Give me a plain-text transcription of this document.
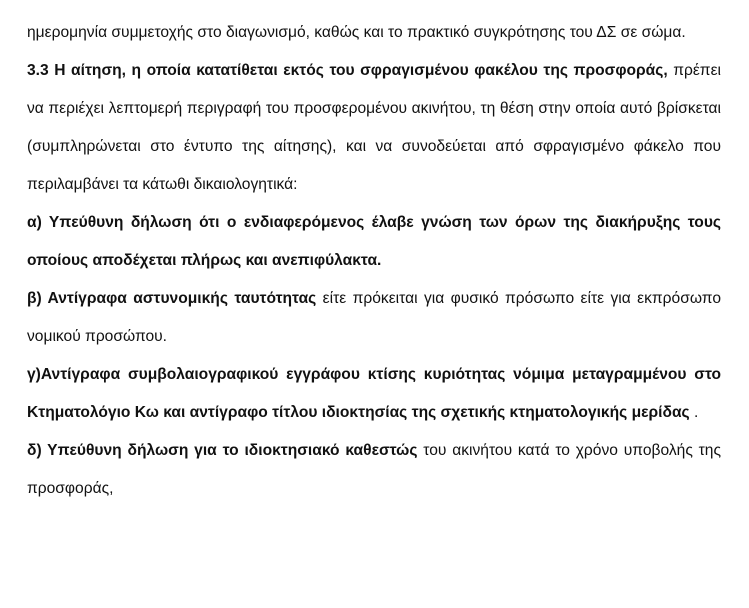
ημερομηνία συμμετοχής στο διαγωνισμό, καθώς και το πρακτικό συγκρότησης του ΔΣ σε σώμα.

3.3 Η αίτηση, η οποία κατατίθεται εκτός του σφραγισμένου φακέλου της προσφοράς, πρέπει να περιέχει λεπτομερή περιγραφή του προσφερομένου ακινήτου, τη θέση στην οποία αυτό βρίσκεται (συμπληρώνεται στο έντυπο της αίτησης), και να συνοδεύεται από σφραγισμένο φάκελο που περιλαμβάνει τα κάτωθι δικαιολογητικά:

α) Υπεύθυνη δήλωση ότι ο ενδιαφερόμενος έλαβε γνώση των όρων της διακήρυξης τους οποίους αποδέχεται πλήρως και ανεπιφύλακτα.

β) Αντίγραφα αστυνομικής ταυτότητας είτε πρόκειται για φυσικό πρόσωπο είτε για εκπρόσωπο νομικού προσώπου.

γ)Αντίγραφα συμβολαιογραφικού εγγράφου κτίσης κυριότητας νόμιμα μεταγραμμένου στο Κτηματολόγιο Κω και αντίγραφο τίτλου ιδιοκτησίας της σχετικής κτηματολογικής μερίδας .

δ) Υπεύθυνη δήλωση για το ιδιοκτησιακό καθεστώς του ακινήτου κατά το χρόνο υποβολής της προσφοράς,
